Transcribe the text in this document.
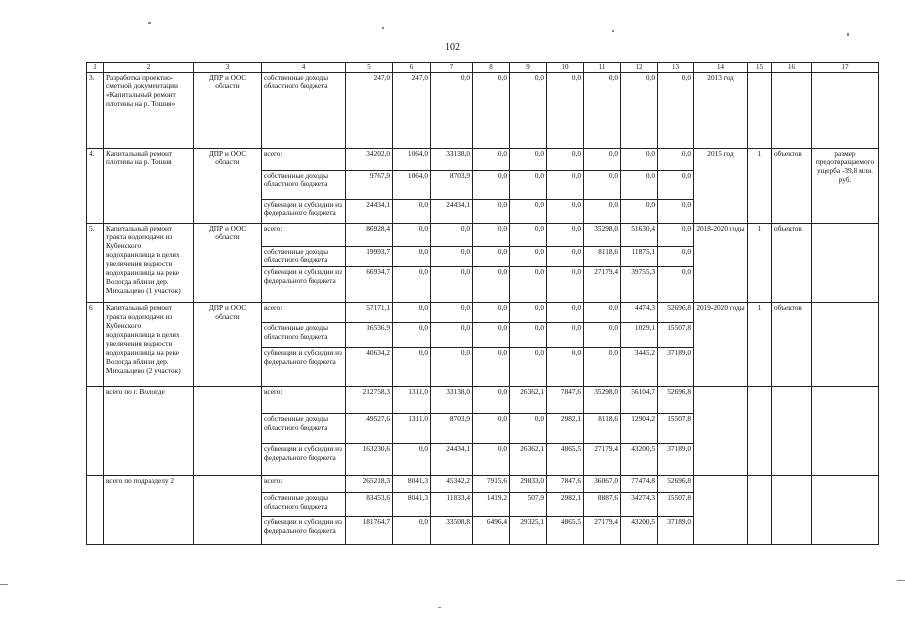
102
1	2	3	4	5	6	7	8	9	10	11	12	13	14	15	16	17
3.	Разработка проектно-сметной документации «Капитальный ремонт плотины на р. Тошня»	ДПР и ООС области	собственные доходы областного бюджета	247,0	247,0	0,0	0,0	0,0	0,0	0,0	0,0	0,0	2013 год			
4.	Капитальный ремонт плотины на р. Тошня	ДПР и ООС области	всего:	34202,0	1064,0	33138,0	0,0	0,0	0,0	0,0	0,0	0,0	2015 год	1	объектов	размер предотвращаемого ущерба -39,8 млн. руб.
			собственные доходы областного бюджета	9767,9	1064,0	8703,9	0,0	0,0	0,0	0,0	0,0	0,0				
			субвенции и субсидии из федерального бюджета	24434,1	0,0	24434,1	0,0	0,0	0,0	0,0	0,0	0,0				
5.	Капитальный ремонт тракта водоподачи из Кубенского водохранилища в целях увеличения водности водохранилища на реке Вологда вблизи дер. Михальцево (1 участок)	ДПР и ООС области	всего:	86928,4	0,0	0,0	0,0	0,0	0,0	35298,0	51630,4	0,0	2018-2020 годы	1	объектов	
			собственные доходы областного бюджета	19993,7	0,0	0,0	0,0	0,0	0,0	8118,6	11875,1	0,0				
			субвенции и субсидии из федерального бюджета	66934,7	0,0	0,0	0,0	0,0	0,0	27179,4	39755,3	0,0				
6	Капитальный ремонт тракта водоподачи из Кубенского водохранилища в целях увеличения водности водохранилища на реке Вологда вблизи дер. Михальцево (2 участок)	ДПР и ООС области	всего:	57171,1	0,0	0,0	0,0	0,0	0,0	0,0	4474,3	52696,8	2019-2020 годы	1	объектов	
			собственные доходы областного бюджета	16536,9	0,0	0,0	0,0	0,0	0,0	0,0	1029,1	15507,8				
			субвенции и субсидии из федерального бюджета	40634,2	0,0	0,0	0,0	0,0	0,0	0,0	3445,2	37189,0				
	всего по г. Вологде		всего:	212758,3	1311,0	33138,0	0,0	26362,1	7847,6	35298,0	56104,7	52696,8				
			собственные доходы областного бюджета	49527,6	1311,0	8703,9	0,0	0,0	2982,1	8118,6	12904,2	15507,8				
			субвенции и субсидии из федерального бюджета	163230,6	0,0	24434,1	0,0	26362,1	4865,5	27179,4	43200,5	37189,0				
	всего по подразделу 2		всего:	265218,3	8041,3	45342,2	7915,6	29833,0	7847,6	36067,0	77474,8	52696,8				
			собственные доходы областного бюджета	83453,6	8041,3	11833,4	1419,2	507,9	2982,1	8887,6	34274,3	15507,8				
			субвенции и субсидии из федерального бюджета	181764,7	0,0	33508,8	6496,4	29325,1	4865,5	27179,4	43200,5	37189,0				
